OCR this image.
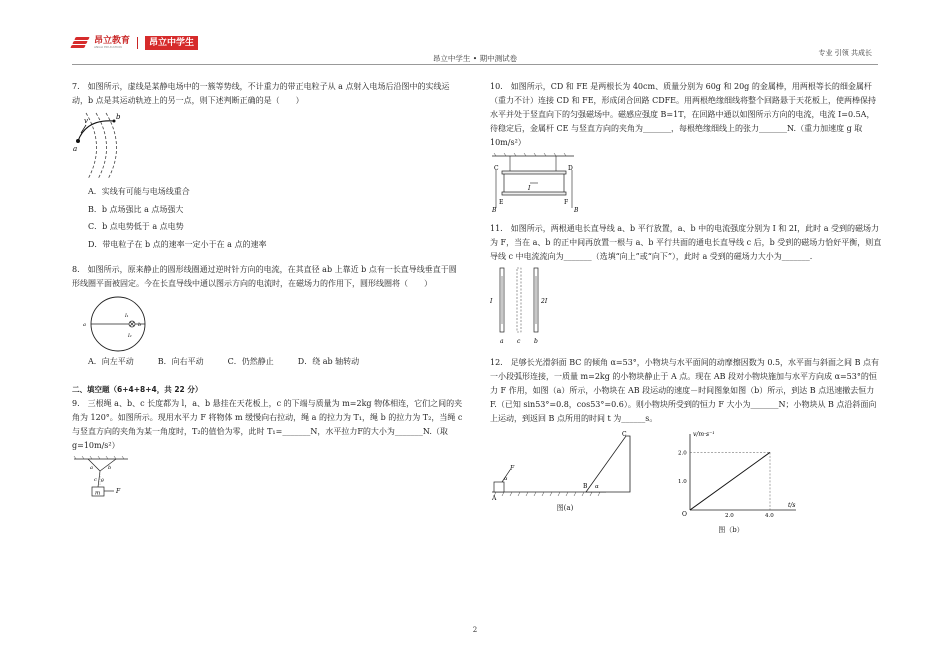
昂立教育
ANGLI EDUCATION	昂立中学生
昂立中学生 • 期中测试卷
专业 引领 共成长
7.　如图所示，虚线是某静电场中的一簇等势线，不计重力的带正电粒子从 a 点射入电场后沿图中的实线运动，b 点是其运动轨迹上的另一点，则下述判断正确的是（　　）
v
a
b
A．实线有可能与电场线重合
B．b 点场强比 a 点场强大
C．b 点电势低于 a 点电势
D．带电粒子在 b 点的速率一定小于在 a 点的速率
8.　如图所示，原来静止的圆形线圈通过逆时针方向的电流，在其直径 ab 上靠近 b 点有一长直导线垂直于圆形线圈平面被固定。今在长直导线中通以图示方向的电流时，在磁场力的作用下，圆形线圈将（　　）
a	b
I₁
I₂
A．向左平动	B．向右平动	C．仍然静止	D．绕 ab 轴转动
二、填空题（6+4+8+4，共 22 分）
9.　三根绳 a、b、c 长度都为 l，a、b 悬挂在天花板上，c 的下端与质量为 m=2kg 物体相连，它们之间的夹角为 120°。如图所示。现用水平力 F 将物体 m 缓慢向右拉动，绳 a 的拉力为 T₁，绳 b 的拉力为 T₂，当绳 c 与竖直方向的夹角为某一角度时，T₂的值恰为零，此时 T₁=_______N，水平拉力F的大小为_______N.（取 g=10m/s²）
a	b
c θ
m	F
10.　如图所示，CD 和 FE 是两根长为 40cm、质量分别为 60g 和 20g 的金属棒，用两根等长的细金属杆（重力不计）连接 CD 和 FE，形成闭合回路 CDFE。用两根绝缘细线将整个回路悬于天花板上，使两棒保持水平并处于竖直向下的匀强磁场中。磁感应强度 B=1T，在回路中通以如图所示方向的电流，电流 I=0.5A，待稳定后，金属杆 CE 与竖直方向的夹角为_______，每根绝缘细线上的张力_______N.（重力加速度 g 取 10m/s²）
C	D
E	F
B	B
I
11.　如图所示，两根通电长直导线 a、b 平行放置，a、b 中的电流强度分别为 I 和 2I，此时 a 受到的磁场力为 F，当在 a、b 的正中间再放置一根与 a、b 平行共面的通电长直导线 c 后，b 受到的磁场力恰好平衡，则直导线 c 中电流流向为_______（选填“向上”或“向下”），此时 a 受到的磁场力大小为_______.
I	2I
a c b
12.　足够长光滑斜面 BC 的倾角 α=53°，小物块与水平面间的动摩擦因数为 0.5，水平面与斜面之间 B 点有一小段弧形连接，一质量 m=2kg 的小物块静止于 A 点。现在 AB 段对小物块施加与水平方向成 α=53°的恒力 F 作用，如图（a）所示，小物块在 AB 段运动的速度－时间图象如图（b）所示，到达 B 点迅速撤去恒力 F.（已知 sin53°=0.8，cos53°=0.6）。则小物块所受到的恒力 F 大小为_______N；小物块从 B 点沿斜面向上运动，到返回 B 点所用的时间 t 为______s。
A
B
C
F
α
α
图(a)
v/m·s⁻¹
t/s
O
2.0
1.0
2.0	4.0
图（b）
2
